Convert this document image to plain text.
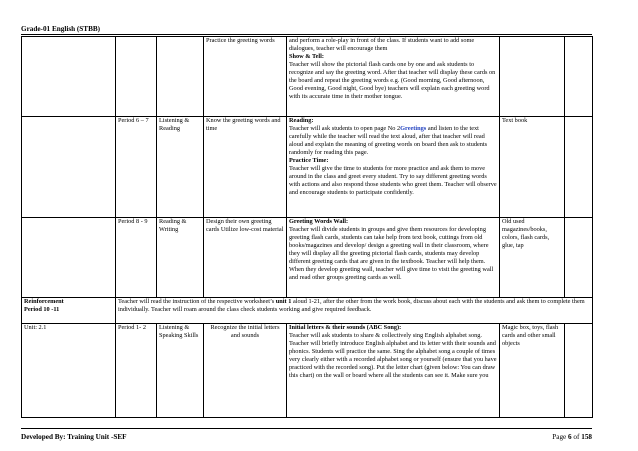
Grade-01 English (STBB)
			Practice the greeting words	and perform a role-play in front of the class. If students want to add some dialogues, teacher will encourage them
Show & Tell:
Teacher will show the pictorial flash cards one by one and ask students to recognize and say the greeting word. After that teacher will display these cards on the board and repeat the greeting words e.g. (Good morning, Good afternoon, Good evening, Good night, Good bye) teachers will explain each greeting word with its accurate time in their mother tongue.		

	Period 6 – 7	Listening & Reading	Know the greeting words and time	Reading:
Teacher will ask students to open page No 2Greetings and listen to the text carefully while the teacher will read the text aloud, after that teacher will read aloud and explain the meaning of greeting words on board then ask to students randomly for reading this page.
Practice Time:
Teacher will give the time to students for more practice and ask them to move around in the class and greet every student. Try to say different greeting words with actions and also respond those students who greet them. Teacher will observe and encourage students to participate confidently.	Text book	
	Period 8 - 9	Reading & Writing	Design their own greeting cards Utilize low-cost material	Greeting Words Wall:
Teacher will divide students in groups and give them resources for developing greeting flash cards, students can take help from text book, cuttings from old books/magazines and develop/ design a greeting wall in their classroom, where they will display all the greeting pictorial flash cards, students may develop different greeting cards that are given in the textbook. Teacher will help them. When they develop greeting wall, teacher will give time to visit the greeting wall and read other groups greeting cards as well.	Old used magazines/books, colors, flash cards, glue, tap	

Reinforcement
Period 10 -11	Teacher will read the instruction of the respective worksheet’s unit 1 aloud 1-21, after the other from the work book, discuss about each with the students and ask them to complete them individually. Teacher will roam around the class check students working and give required feedback.					
Unit: 2.1	Period 1- 2	Listening & Speaking Skills	Recognize the initial letters and sounds	Initial letters & their sounds (ABC Song):
Teacher will ask students to share & collectively sing English alphabet song. Teacher will briefly introduce English alphabet and its letter with their sounds and phonics. Students will practice the same. Sing the alphabet song a couple of times very clearly either with a recorded alphabet song or yourself (ensure that you have practiced with the recorded song). Put the letter chart (given below: You can draw this chart) on the wall or board where all the students can see it. Make sure you	Magic box, toys, flash cards and other small objects	
Developed By: Training Unit -SEF	Page 6 of 158
